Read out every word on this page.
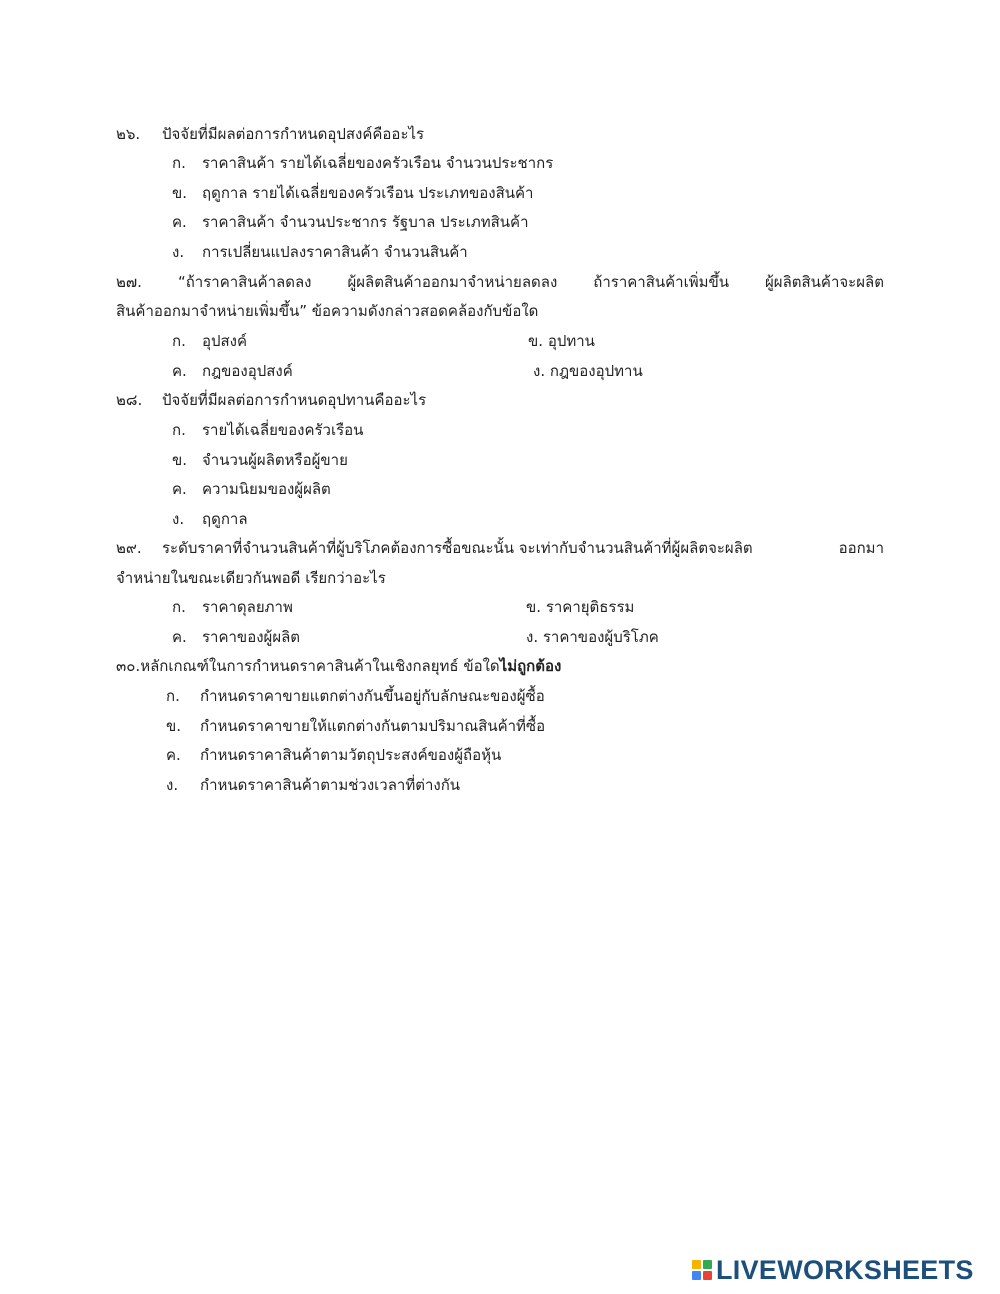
๒๖. ปัจจัยที่มีผลต่อการกำหนดอุปสงค์คืออะไร
ก. ราคาสินค้า รายได้เฉลี่ยของครัวเรือน จำนวนประชากร
ข. ฤดูกาล รายได้เฉลี่ยของครัวเรือน ประเภทของสินค้า
ค. ราคาสินค้า จำนวนประชากร รัฐบาล ประเภทสินค้า
ง. การเปลี่ยนแปลงราคาสินค้า จำนวนสินค้า
๒๗. “ถ้าราคาสินค้าลดลง ผู้ผลิตสินค้าออกมาจำหน่ายลดลง ถ้าราคาสินค้าเพิ่มขึ้น ผู้ผลิตสินค้าจะผลิต
สินค้าออกมาจำหน่ายเพิ่มขึ้น” ข้อความดังกล่าวสอดคล้องกับข้อใด
ก. อุปสงค์	ข. อุปทาน
ค. กฎของอุปสงค์	ง. กฎของอุปทาน
๒๘. ปัจจัยที่มีผลต่อการกำหนดอุปทานคืออะไร
ก. รายได้เฉลี่ยของครัวเรือน
ข. จำนวนผู้ผลิตหรือผู้ขาย
ค. ความนิยมของผู้ผลิต
ง. ฤดูกาล
๒๙. ระดับราคาที่จำนวนสินค้าที่ผู้บริโภคต้องการซื้อขณะนั้น จะเท่ากับจำนวนสินค้าที่ผู้ผลิตจะผลิต	ออกมา
จำหน่ายในขณะเดียวกันพอดี เรียกว่าอะไร
ก. ราคาดุลยภาพ	ข. ราคายุติธรรม
ค. ราคาของผู้ผลิต	ง. ราคาของผู้บริโภค
๓๐.หลักเกณฑ์ในการกำหนดราคาสินค้าในเชิงกลยุทธ์ ข้อใดไม่ถูกต้อง
ก. กำหนดราคาขายแตกต่างกันขึ้นอยู่กับลักษณะของผู้ซื้อ
ข. กำหนดราคาขายให้แตกต่างกันตามปริมาณสินค้าที่ซื้อ
ค. กำหนดราคาสินค้าตามวัตถุประสงค์ของผู้ถือหุ้น
ง. กำหนดราคาสินค้าตามช่วงเวลาที่ต่างกัน
LIVEWORKSHEETS
